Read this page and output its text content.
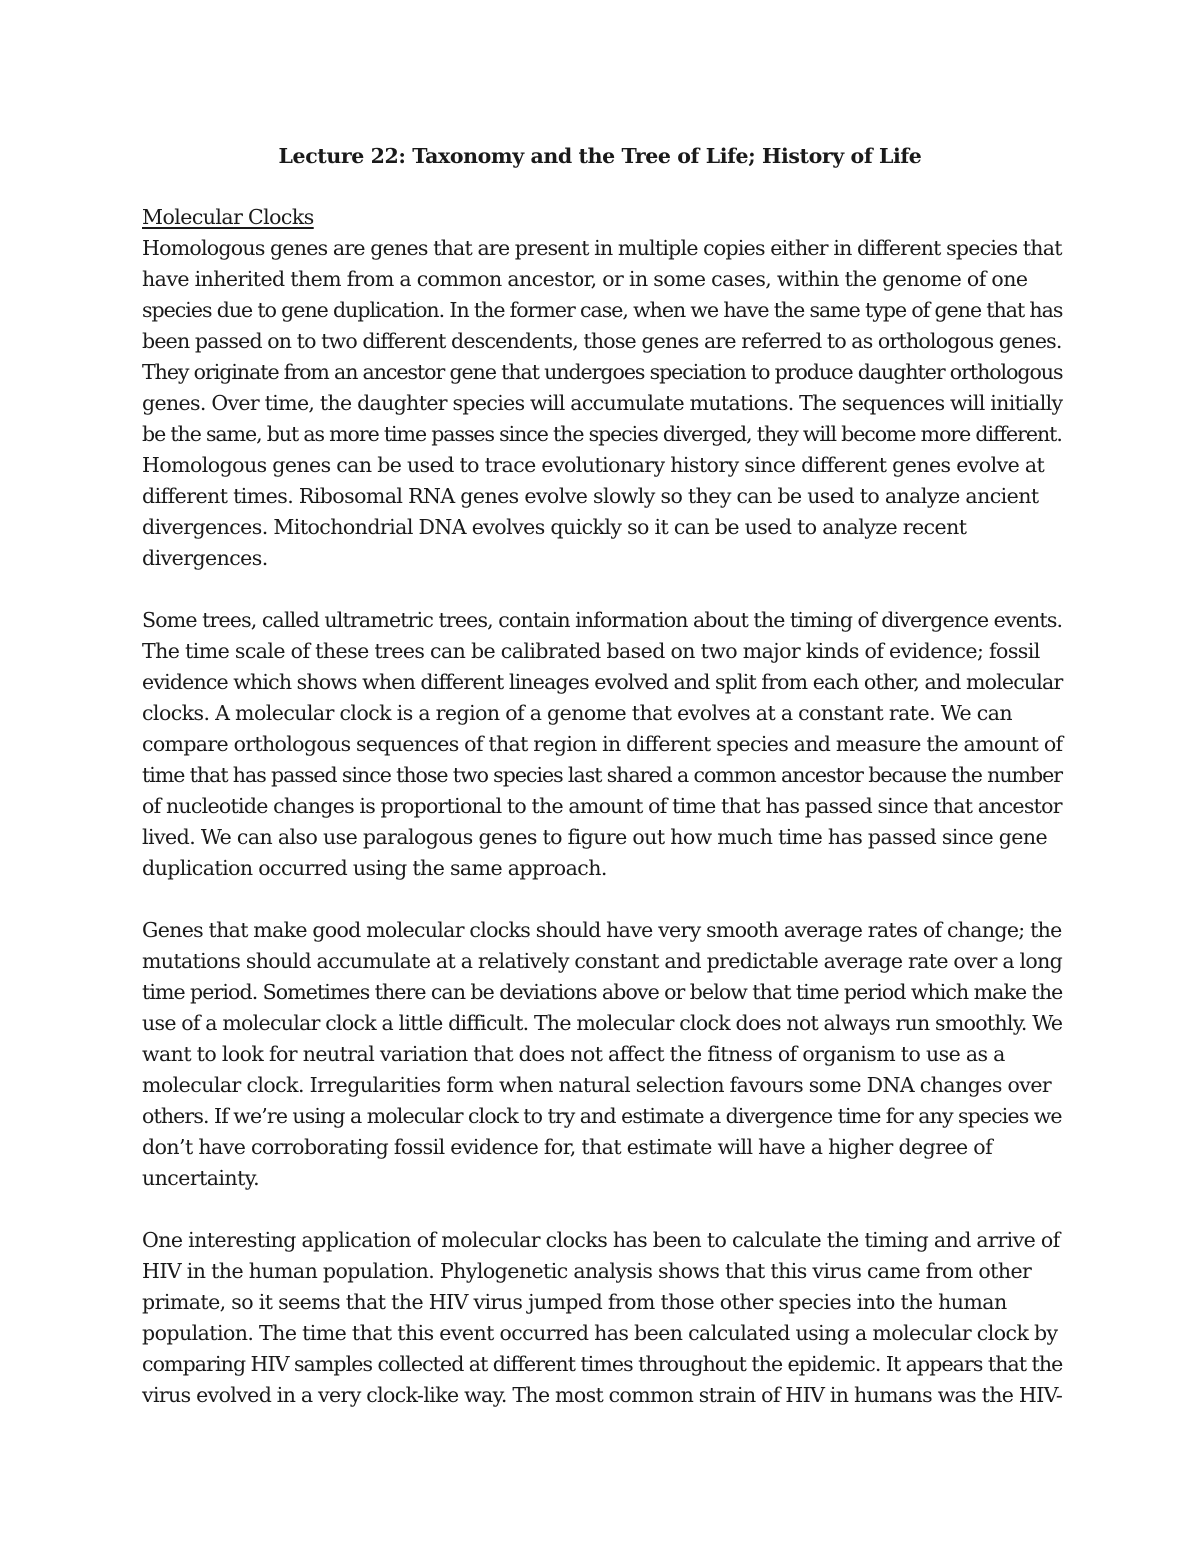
Lecture 22: Taxonomy and the Tree of Life; History of Life
Molecular Clocks
Homologous genes are genes that are present in multiple copies either in different species that
have inherited them from a common ancestor, or in some cases, within the genome of one
species due to gene duplication. In the former case, when we have the same type of gene that has
been passed on to two different descendents, those genes are referred to as orthologous genes.
They originate from an ancestor gene that undergoes speciation to produce daughter orthologous
genes. Over time, the daughter species will accumulate mutations. The sequences will initially
be the same, but as more time passes since the species diverged, they will become more different.
Homologous genes can be used to trace evolutionary history since different genes evolve at
different times. Ribosomal RNA genes evolve slowly so they can be used to analyze ancient
divergences. Mitochondrial DNA evolves quickly so it can be used to analyze recent
divergences.
Some trees, called ultrametric trees, contain information about the timing of divergence events.
The time scale of these trees can be calibrated based on two major kinds of evidence; fossil
evidence which shows when different lineages evolved and split from each other, and molecular
clocks. A molecular clock is a region of a genome that evolves at a constant rate. We can
compare orthologous sequences of that region in different species and measure the amount of
time that has passed since those two species last shared a common ancestor because the number
of nucleotide changes is proportional to the amount of time that has passed since that ancestor
lived. We can also use paralogous genes to figure out how much time has passed since gene
duplication occurred using the same approach.
Genes that make good molecular clocks should have very smooth average rates of change; the
mutations should accumulate at a relatively constant and predictable average rate over a long
time period. Sometimes there can be deviations above or below that time period which make the
use of a molecular clock a little difficult. The molecular clock does not always run smoothly. We
want to look for neutral variation that does not affect the fitness of organism to use as a
molecular clock. Irregularities form when natural selection favours some DNA changes over
others. If we’re using a molecular clock to try and estimate a divergence time for any species we
don’t have corroborating fossil evidence for, that estimate will have a higher degree of
uncertainty.
One interesting application of molecular clocks has been to calculate the timing and arrive of
HIV in the human population. Phylogenetic analysis shows that this virus came from other
primate, so it seems that the HIV virus jumped from those other species into the human
population. The time that this event occurred has been calculated using a molecular clock by
comparing HIV samples collected at different times throughout the epidemic. It appears that the
virus evolved in a very clock-like way. The most common strain of HIV in humans was the HIV-
